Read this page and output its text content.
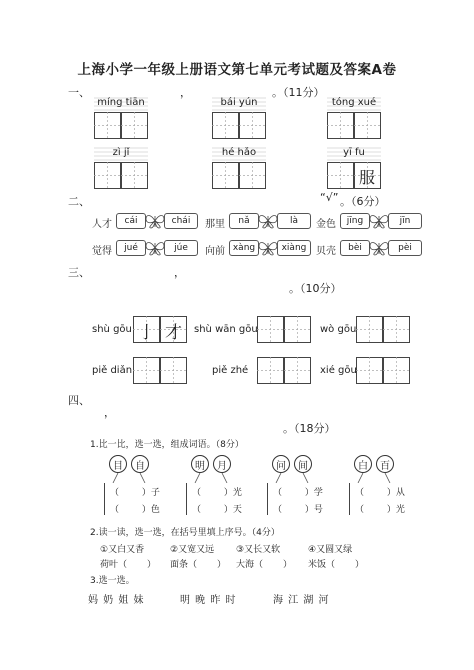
上海小学一年级上册语文第七单元考试题及答案A卷
一、	，	。（11分）
míng tiān	bái yún	tóng xué
zì jǐ	hé hǎo	yī fu
服
二、	“√” 。（6分）
人才	cái	chái	那里	nǎ	là	金色	jīng	jīn
觉得	jué	júe	向前 xàng	xiàng 贝壳	bèi	pèi
三、	，
。（10分）
shù gōu 亅 才 shù wān gōu	wò gōu
piě diǎn	piě zhé	xié gōu
四、
，
。（18分）
1.比一比，选一选，组成词语。（8分）
目	自
（        ）子
（        ）色
明	月
（        ）光
（        ）天
问	间
（        ）学
（        ）号
白	百
（        ）从
（        ）光
2.读一读，选一选，在括号里填上序号。（4分）
①又白又香	②又宽又远 ③又长又软	④又圆又绿
荷叶（       ） 面条（       ） 大海（       ） 米饭（       ）
3.选一选。
妈 奶 姐 妹	明 晚 昨 时	海 江 湖 河
